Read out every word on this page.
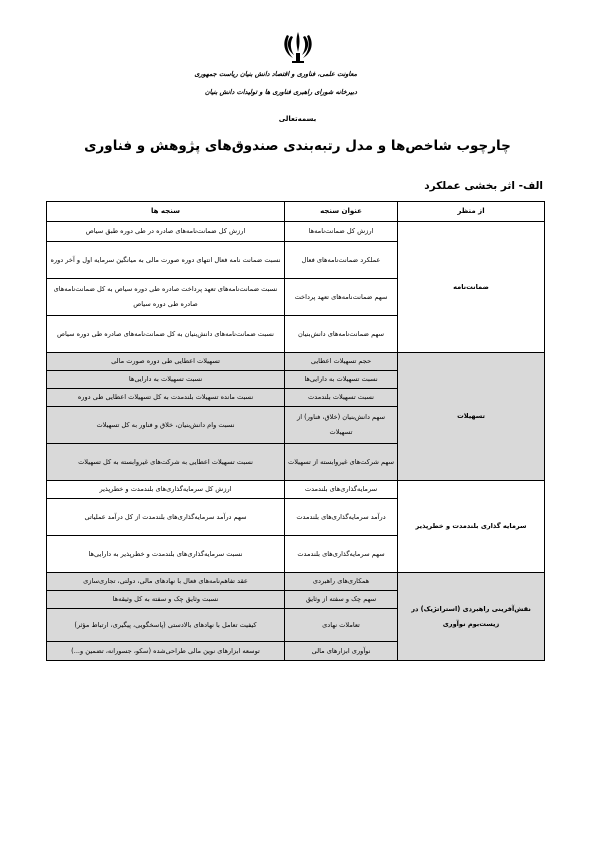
معاونت علمی، فناوری و اقتصاد دانش بنیان ریاست جمهوری
دبیرخانه شورای راهبری فناوری ها و تولیدات دانش بنیان
بسمه‌تعالی
چارچوب شاخص‌ها و مدل رتبه‌بندی صندوق‌های پژوهش و فناوری
الف- اثر بخشی عملکرد
از منظر	عنوان سنجه	سنجه ها
ضمانت‌نامه	ارزش کل ضمانت‌نامه‌ها	ارزش کل ضمانت‌نامه‌های صادره در طی دوره طبق سیاص
	عملکرد ضمانت‌نامه‌های فعال	نسبت ضمانت نامه فعال انتهای دوره صورت مالی به میانگین سرمایه اول و آخر دوره
	سهم ضمانت‌نامه‌های تعهد پرداخت	نسبت ضمانت‌نامه‌های تعهد پرداخت صادره طی دوره سیاص به کل ضمانت‌نامه‌های صادره طی دوره سیاص
	سهم ضمانت‌نامه‌های دانش‌بنیان	نسبت ضمانت‌نامه‌های دانش‌بنیان به کل ضمانت‌نامه‌های صادره طی دوره سیاص
تسهیلات	حجم تسهیلات اعطایی	تسهیلات اعطایی طی دوره صورت مالی
	نسبت تسهیلات به دارایی‌ها	نسبت تسهیلات به دارایی‌ها
	نسبت تسهیلات بلندمدت	نسبت مانده تسهیلات بلندمدت به کل تسهیلات اعطایی طی دوره
	سهم دانش‌بنیان (خلاق، فناور) از تسهیلات	نسبت وام دانش‌بنیان، خلاق و فناور به کل تسهیلات
	سهم شرکت‌های غیروابسته از تسهیلات	نسبت تسهیلات اعطایی به شرکت‌های غیروابسته به کل تسهیلات
سرمایه گذاری بلندمدت و خطرپذیر	سرمایه‌گذاری‌های بلندمدت	ارزش کل سرمایه‌گذاری‌های بلندمدت و خطرپذیر
	درآمد سرمایه‌گذاری‌های بلندمدت	سهم درآمد سرمایه‌گذاری‌های بلندمدت از کل درآمد عملیاتی
	سهم سرمایه‌گذاری‌های بلندمدت	نسبت سرمایه‌گذاری‌های بلندمدت و خطرپذیر به دارایی‌ها
نقش‌آفرینی راهبردی (استراتژیک) در زیست‌بوم نوآوری	همکاری‌های راهبردی	عقد تفاهم‌نامه‌های فعال با نهادهای مالی، دولتی، تجاری‌سازی
	سهم چک و سفته از وثایق	نسبت وثایق چک و سفته به کل وثیقه‌ها
	تعاملات نهادی	کیفیت تعامل با نهادهای بالادستی (پاسخگویی، پیگیری، ارتباط مؤثر)
	نوآوری ابزارهای مالی	توسعه ابزارهای نوین مالی طراحی‌شده (سکو، جسورانه، تضمین و...)
